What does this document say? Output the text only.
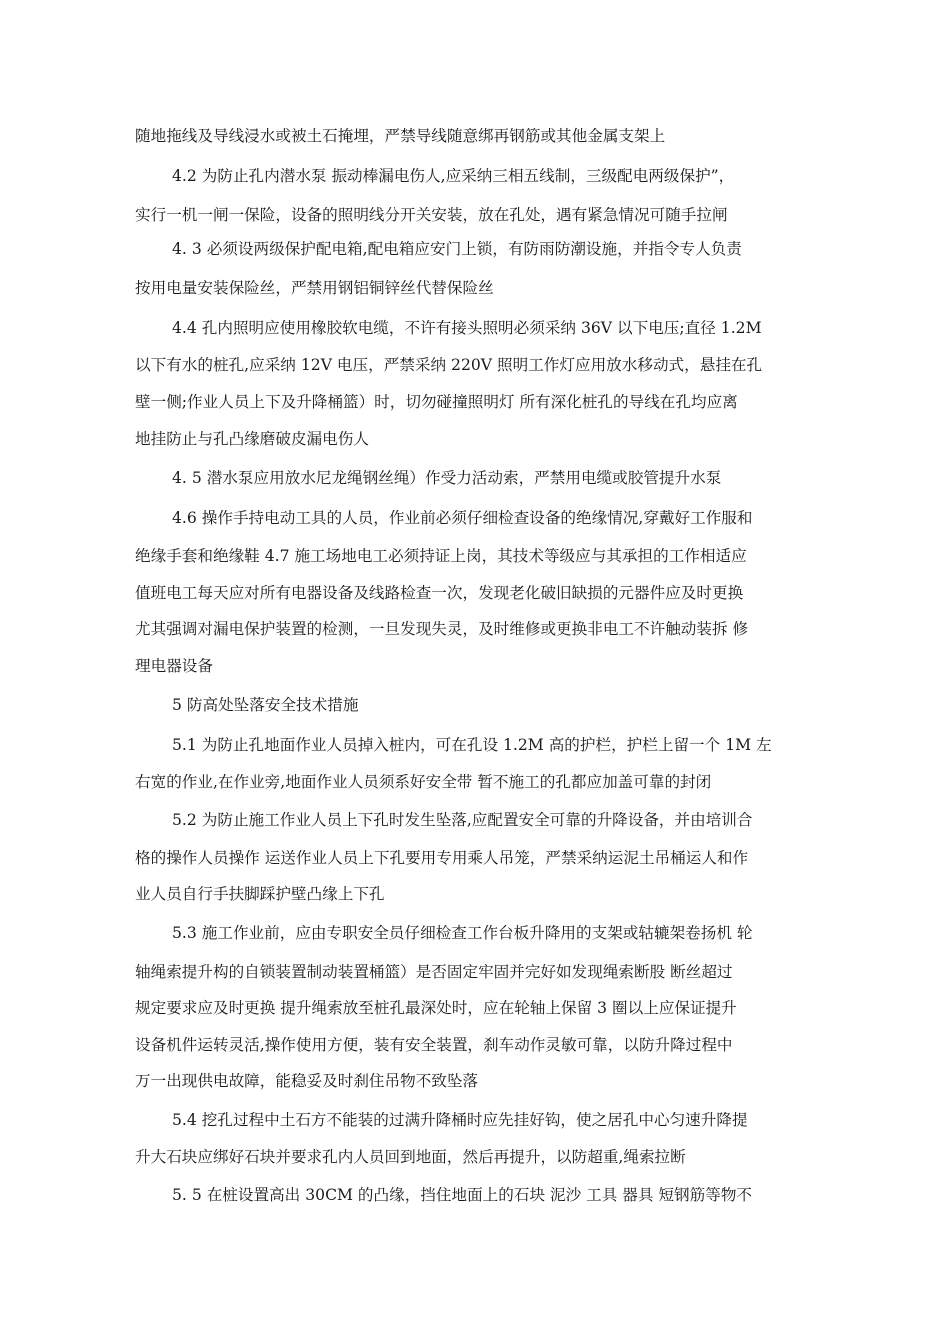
随地拖线及导线浸水或被土石掩埋，严禁导线随意绑再钢筋或其他金属支架上
4.2 为防止孔内潜水泵 振动棒漏电伤人,应采纳三相五线制，三级配电两级保护”，
实行一机一闸一保险，设备的照明线分开关安装，放在孔处，遇有紧急情况可随手拉闸
4. 3 必须设两级保护配电箱,配电箱应安门上锁，有防雨防潮设施，并指令专人负责
按用电量安装保险丝，严禁用钢铝铜锌丝代替保险丝
4.4 孔内照明应使用橡胶软电缆，不许有接头照明必须采纳 36V 以下电压;直径 1.2M
以下有水的桩孔,应采纳 12V 电压，严禁采纳 220V 照明工作灯应用放水移动式，悬挂在孔
壁一侧;作业人员上下及升降桶篮）时，切勿碰撞照明灯 所有深化桩孔的导线在孔均应离
地挂防止与孔凸缘磨破皮漏电伤人
4. 5 潜水泵应用放水尼龙绳钢丝绳）作受力活动索，严禁用电缆或胶管提升水泵
4.6 操作手持电动工具的人员，作业前必须仔细检查设备的绝缘情况,穿戴好工作服和
绝缘手套和绝缘鞋 4.7 施工场地电工必须持证上岗，其技术等级应与其承担的工作相适应
值班电工每天应对所有电器设备及线路检查一次，发现老化破旧缺损的元器件应及时更换
尤其强调对漏电保护装置的检测，一旦发现失灵，及时维修或更换非电工不许触动装拆 修
理电器设备
5 防高处坠落安全技术措施
5.1 为防止孔地面作业人员掉入桩内，可在孔设 1.2M 高的护栏，护栏上留一个 1M 左
右宽的作业,在作业旁,地面作业人员须系好安全带 暂不施工的孔都应加盖可靠的封闭
5.2 为防止施工作业人员上下孔时发生坠落,应配置安全可靠的升降设备，并由培训合
格的操作人员操作 运送作业人员上下孔要用专用乘人吊笼，严禁采纳运泥土吊桶运人和作
业人员自行手扶脚踩护壁凸缘上下孔
5.3 施工作业前，应由专职安全员仔细检查工作台板升降用的支架或轱辘架卷扬机 轮
轴绳索提升构的自锁装置制动装置桶篮）是否固定牢固并完好如发现绳索断股 断丝超过
规定要求应及时更换 提升绳索放至桩孔最深处时，应在轮轴上保留 3 圈以上应保证提升
设备机件运转灵活,操作使用方便，装有安全装置，刹车动作灵敏可靠，以防升降过程中
万一出现供电故障，能稳妥及时刹住吊物不致坠落
5.4 挖孔过程中土石方不能装的过满升降桶时应先挂好钩，使之居孔中心匀速升降提
升大石块应绑好石块并要求孔内人员回到地面，然后再提升，以防超重,绳索拉断
5. 5 在桩设置高出 30CM 的凸缘，挡住地面上的石块 泥沙 工具 器具 短钢筋等物不
